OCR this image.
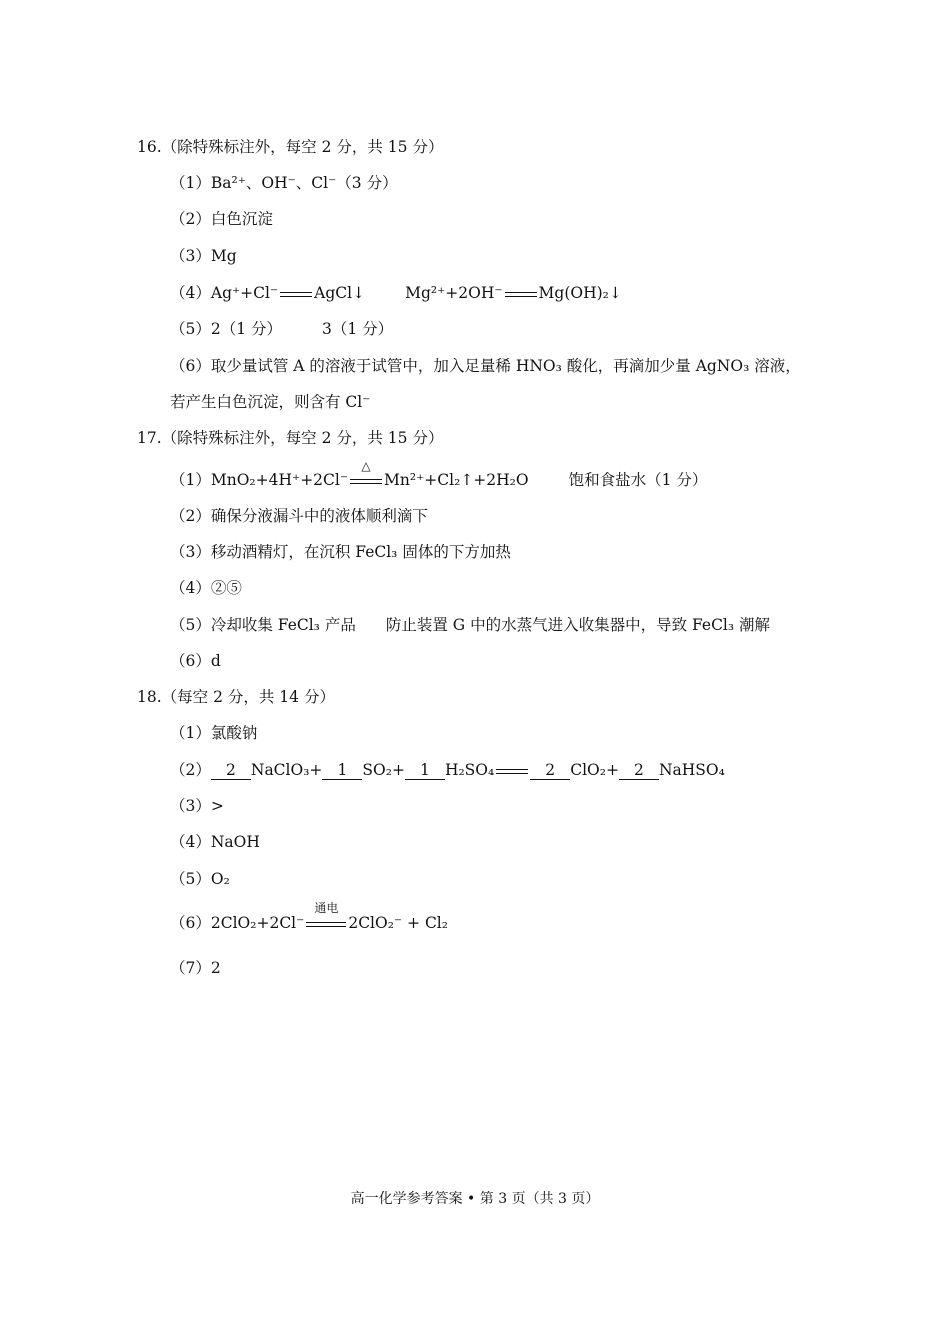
16.（除特殊标注外，每空 2 分，共 15 分）
（1）Ba²⁺、OH⁻、Cl⁻（3 分）
（2）白色沉淀
（3）Mg
（4）Ag⁺+Cl⁻ AgCl↓	Mg²⁺+2OH⁻ Mg(OH)₂↓
（5）2（1 分）	3（1 分）
（6）取少量试管 A 的溶液于试管中，加入足量稀 HNO₃ 酸化，再滴加少量 AgNO₃ 溶液，
若产生白色沉淀，则含有 Cl⁻
17.（除特殊标注外，每空 2 分，共 15 分）
（1）MnO₂+4H⁺+2Cl⁻
△
Mn²⁺+Cl₂↑+2H₂O	饱和食盐水（1 分）
（2）确保分液漏斗中的液体顺利滴下
（3）移动酒精灯，在沉积 FeCl₃ 固体的下方加热
（4）②⑤
（5）冷却收集 FeCl₃ 产品 防止装置 G 中的水蒸气进入收集器中，导致 FeCl₃ 潮解
（6）d
18.（每空 2 分，共 14 分）
（1）氯酸钠
（2） 2 NaClO₃+ 1 SO₂+ 1 H₂SO₄	2 ClO₂+ 2 NaHSO₄
（3）>
（4）NaOH
（5）O₂
（6）2ClO₂+2Cl⁻
通电
2ClO₂⁻ + Cl₂
（7）2
高一化学参考答案 • 第 3 页（共 3 页）
